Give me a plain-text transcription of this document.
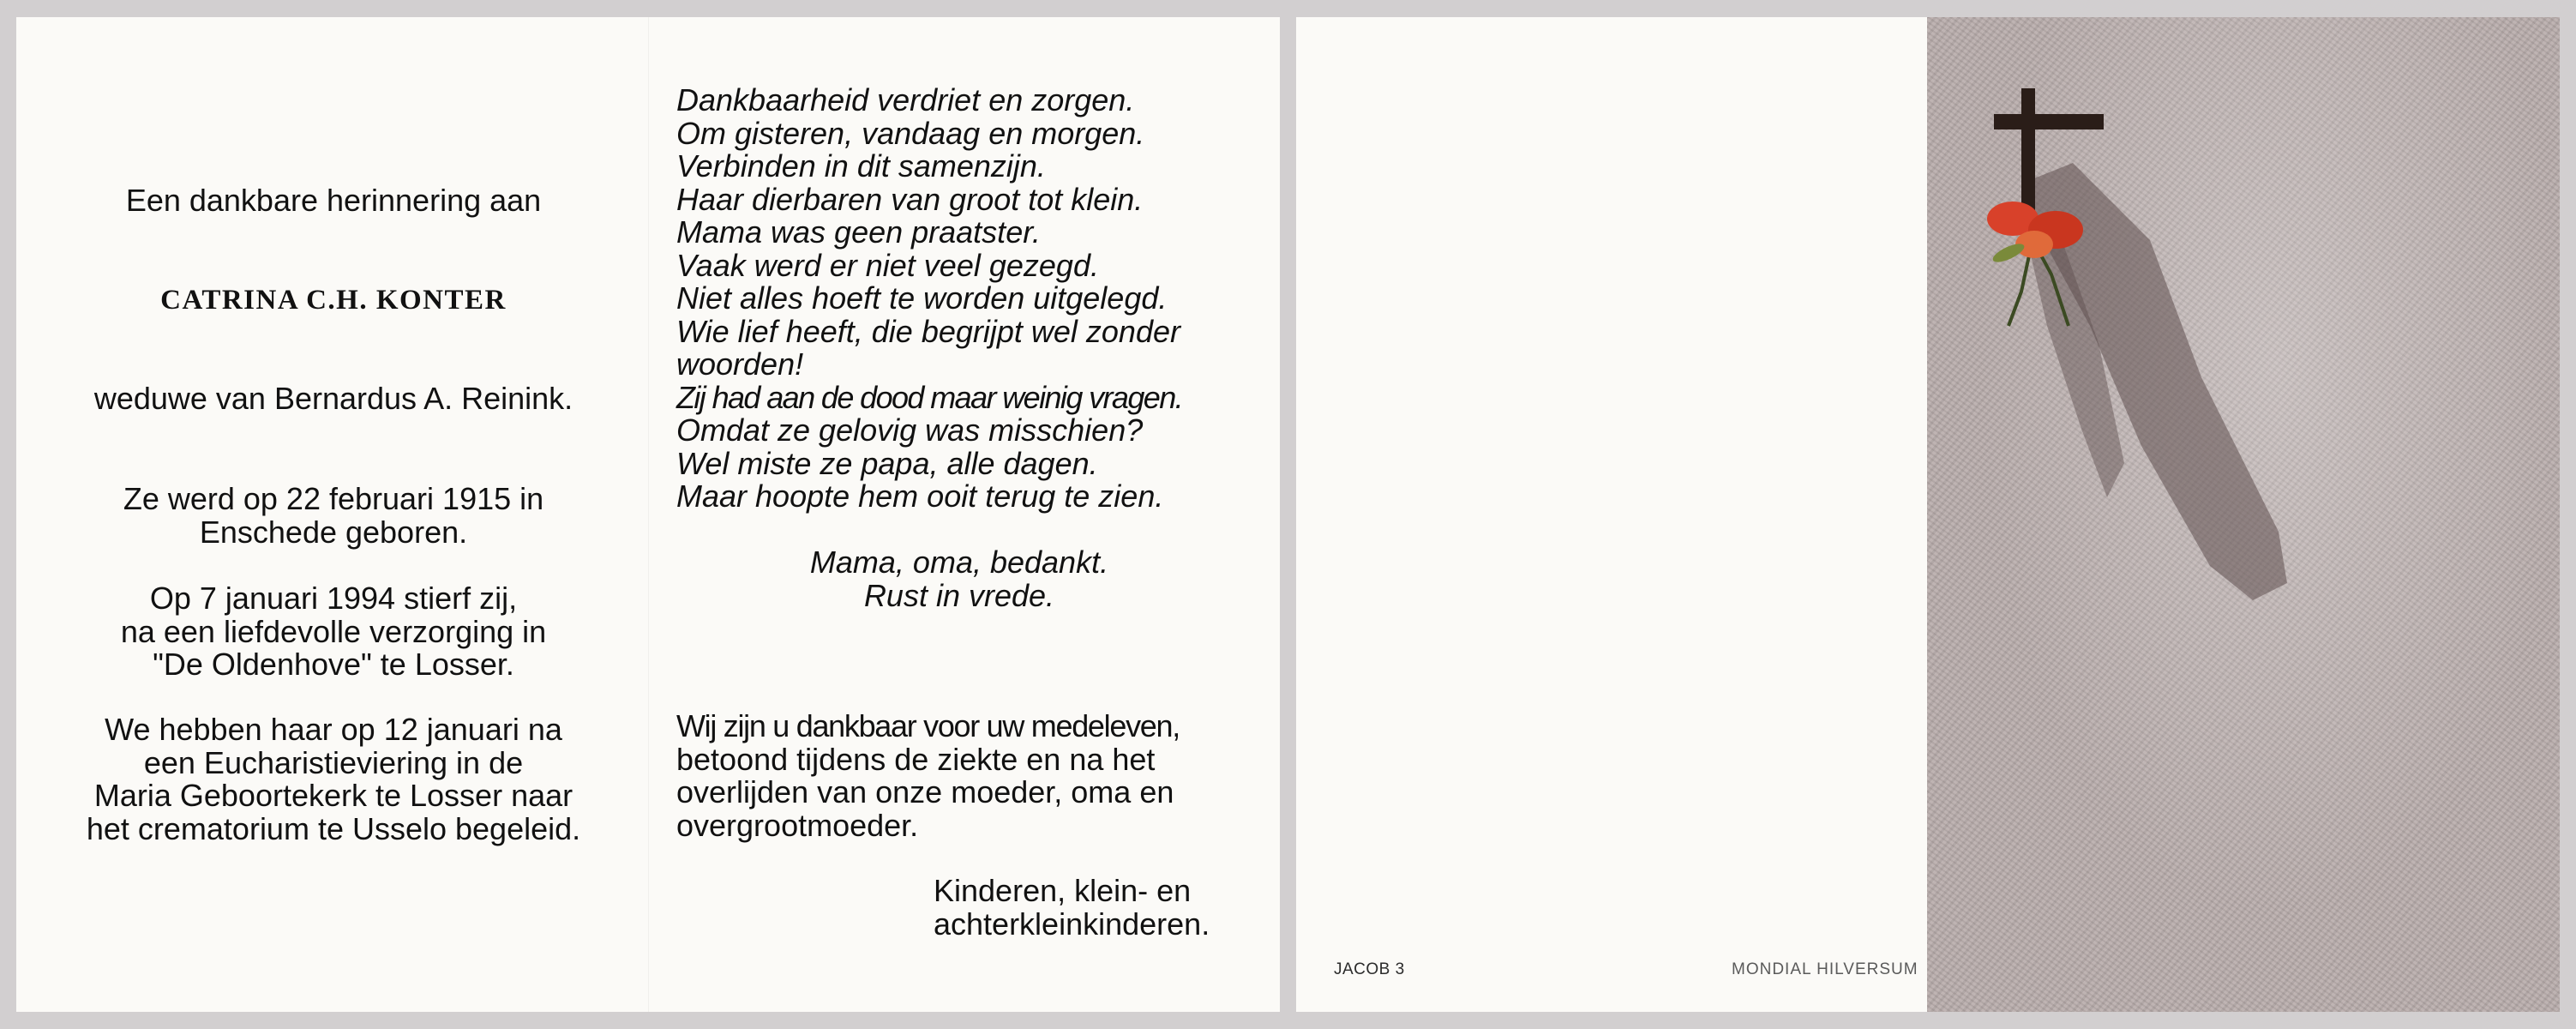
Een dankbare herinnering aan

CATRINA C.H. KONTER

weduwe van Bernardus A. Reinink.

Ze werd op 22 februari 1915 in

Enschede geboren.

Op 7 januari 1994 stierf zij,

na een liefdevolle verzorging in

"De Oldenhove" te Losser.

We hebben haar op 12 januari na

een Eucharistieviering in de

Maria Geboortekerk te Losser naar

het crematorium te Usselo begeleid.

Dankbaarheid verdriet en zorgen.
Om gisteren, vandaag en morgen.
Verbinden in dit samenzijn.
Haar dierbaren van groot tot klein.
Mama was geen praatster.
Vaak werd er niet veel gezegd.
Niet alles hoeft te worden uitgelegd.
Wie lief heeft, die begrijpt wel zonder
woorden!
Zij had aan de dood maar weinig vragen.
Omdat ze gelovig was misschien?
Wel miste ze papa, alle dagen.
Maar hoopte hem ooit terug te zien.
Mama, oma, bedankt.
Rust in vrede.
Wij zijn u dankbaar voor uw medeleven,
betoond tijdens de ziekte en na het
overlijden van onze moeder, oma en
overgrootmoeder.
Kinderen, klein- en
achterkleinkinderen.
JACOB 3	MONDIAL HILVERSUM
